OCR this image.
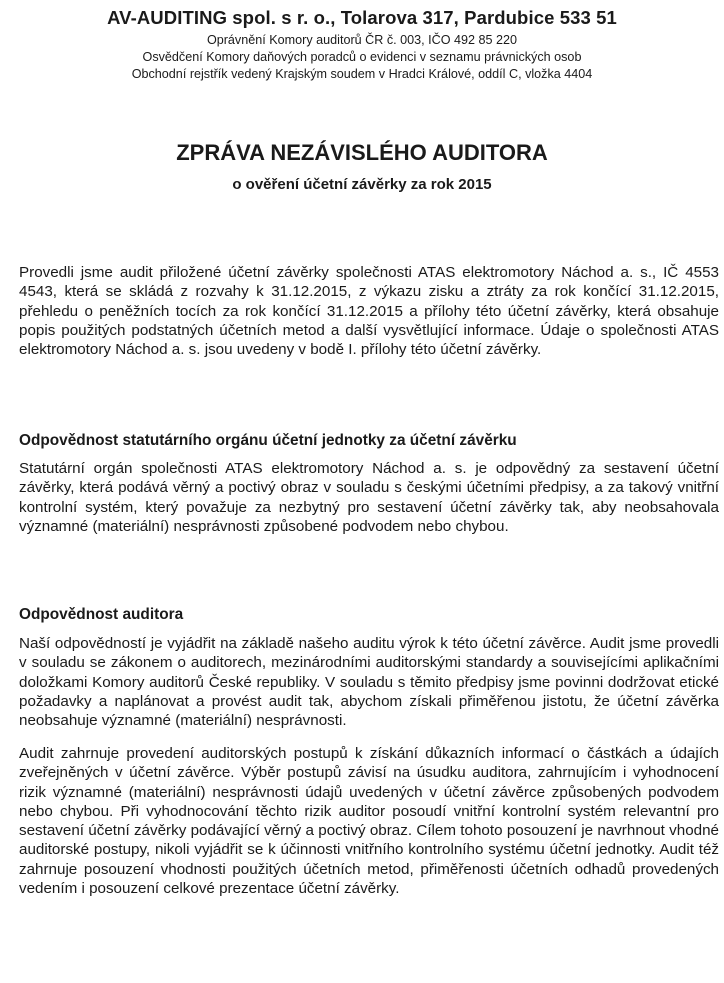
AV-AUDITING spol. s r. o., Tolarova 317, Pardubice 533 51
Oprávnění Komory auditorů ČR č. 003, IČO 492 85 220
Osvědčení Komory daňových poradců o evidenci v seznamu právnických osob
Obchodní rejstřík vedený Krajským soudem v Hradci Králové, oddíl C, vložka 4404
ZPRÁVA NEZÁVISLÉHO AUDITORA
o ověření účetní závěrky za rok 2015

Provedli jsme audit přiložené účetní závěrky společnosti ATAS elektromotory Náchod a. s., IČ 4553 4543, která se skládá z rozvahy k 31.12.2015, z výkazu zisku a ztráty za rok končící 31.12.2015, přehledu o peněžních tocích za rok končící 31.12.2015 a přílohy této účetní závěrky, která obsahuje popis použitých podstatných účetních metod a další vysvětlující informace. Údaje o společnosti ATAS elektromotory Náchod a. s. jsou uvedeny v bodě I. přílohy této účetní závěrky.

Odpovědnost statutárního orgánu účetní jednotky za účetní závěrku

Statutární orgán společnosti ATAS elektromotory Náchod a. s. je odpovědný za sestavení účetní závěrky, která podává věrný a poctivý obraz v souladu s českými účetními předpisy, a za takový vnitřní kontrolní systém, který považuje za nezbytný pro sestavení účetní závěrky tak, aby neobsahovala významné (materiální) nesprávnosti způsobené podvodem nebo chybou.

Odpovědnost auditora

Naší odpovědností je vyjádřit na základě našeho auditu výrok k této účetní závěrce. Audit jsme provedli v souladu se zákonem o auditorech, mezinárodními auditorskými standardy a souvisejícími aplikačními doložkami Komory auditorů České republiky. V souladu s těmito předpisy jsme povinni dodržovat etické požadavky a naplánovat a provést audit tak, abychom získali přiměřenou jistotu, že účetní závěrka neobsahuje významné (materiální) nesprávnosti.

Audit zahrnuje provedení auditorských postupů k získání důkazních informací o částkách a údajích zveřejněných v účetní závěrce. Výběr postupů závisí na úsudku auditora, zahrnujícím i vyhodnocení rizik významné (materiální) nesprávnosti údajů uvedených v účetní závěrce způsobených podvodem nebo chybou. Při vyhodnocování těchto rizik auditor posoudí vnitřní kontrolní systém relevantní pro sestavení účetní závěrky podávající věrný a poctivý obraz. Cílem tohoto posouzení je navrhnout vhodné auditorské postupy, nikoli vyjádřit se k účinnosti vnitřního kontrolního systému účetní jednotky. Audit též zahrnuje posouzení vhodnosti použitých účetních metod, přiměřenosti účetních odhadů provedených vedením i posouzení celkové prezentace účetní závěrky.
